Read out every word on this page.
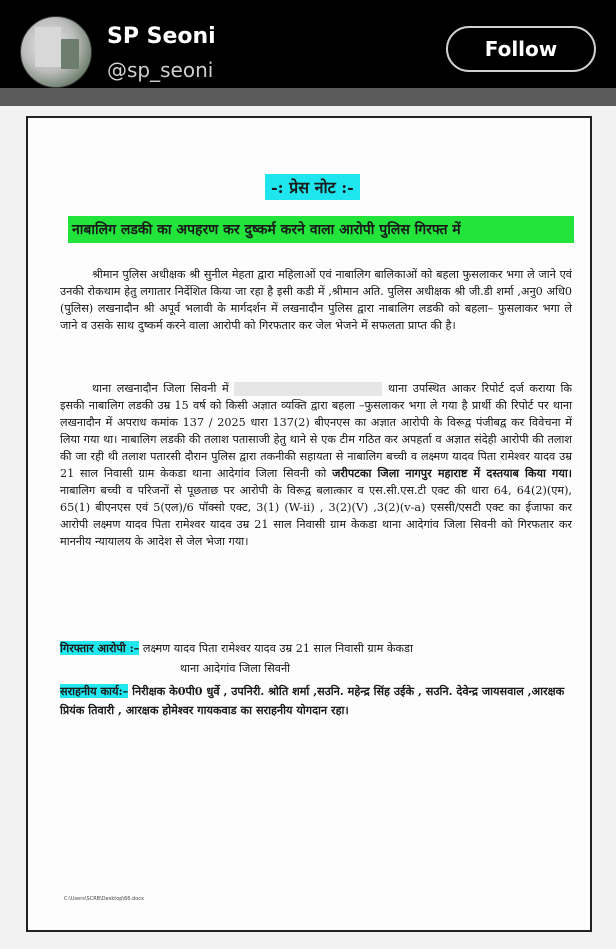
SP Seoni
@sp_seoni
Follow
-: प्रेस नोट :-
नाबालिग लडकी का अपहरण कर दुष्कर्म करने वाला आरोपी पुलिस गिरफ्त में
श्रीमान पुलिस अधीक्षक श्री सुनील मेहता द्वारा महिलाओं एवं नाबालिग बालिकाओं को बहला फुसलाकर भगा ले जाने एवं उनकी रोकथाम हेतु लगातार निर्देशित किया जा रहा है इसी कडी में ,श्रीमान अति. पुलिस अधीक्षक श्री जी.डी शर्मा ,अनु0 अधि0 (पुलिस) लखनादौन श्री अपूर्व भलावी के मार्गदर्शन में लखनादौन पुलिस द्वारा नाबालिग लडकी को बहला– फुसलाकर भगा ले जाने व उसके साथ दुष्कर्म करने वाला आरोपी को गिरफतार कर जेल भेजने में सफलता प्राप्त की है।
थाना लखनादौन जिला सिवनी में	थाना उपस्थित आकर रिपोर्ट दर्ज कराया कि इसकी नाबालिग लडकी उम्र 15 वर्ष को किसी अज्ञात व्यक्ति द्वारा बहला –फुसलाकर भगा ले गया है प्रार्थी की रिपोर्ट पर थाना लखनादौन में अपराध कमांक 137 / 2025 धारा 137(2) बीएनएस का अज्ञात आरोपी के विरूद्व पंजीबद्व कर विवेचना में लिया गया था। नाबालिग लडकी की तलाश पतासाजी हेतु थाने से एक टीम गठित कर अपहर्ता व अज्ञात संदेही आरोपी की तलाश की जा रही थी तलाश पतारसी दौरान पुलिस द्वारा तकनीकी सहायता से नाबालिग बच्ची व लक्ष्मण यादव पिता रामेश्वर यादव उम्र 21 साल निवासी ग्राम केकडा थाना आदेगांव जिला सिवनी को जरीपटका जिला नागपुर महाराष्ट में दस्तयाब किया गया। नाबालिग बच्ची व परिजनों से पूछताछ पर आरोपी के विरूद्व बलात्कार व एस.सी.एस.टी एक्ट की धारा 64, 64(2)(एम), 65(1) बीएनएस एवं 5(एल)/6 पॉक्सो एक्ट, 3(1) (W-ii) , 3(2)(V) ,3(2)(v-a) एससी/एसटी एक्ट का ईजाफा कर आरोपी लक्ष्मण यादव पिता रामेश्वर यादव उम्र 21 साल निवासी ग्राम केकडा थाना आदेगांव जिला सिवनी को गिरफतार कर माननीय न्यायालय के आदेश से जेल भेजा गया।
गिरफ्तार आरोपी :– लक्ष्मण यादव पिता रामेश्वर यादव उम्र 21 साल निवासी ग्राम केकडा
थाना आदेगांव जिला सिवनी
सराहनीय कार्य:– निरीक्षक के0पी0 धुर्वे , उपनिरी. श्रोति शर्मा ,सउनि. महेन्द्र सिंह उईके , सउनि. देवेन्द्र जायसवाल ,आरक्षक प्रियंक तिवारी , आरक्षक होमेश्वर गायकवाड का सराहनीय योगदान रहा।
C:\Users\SCRB\Desktop\66.docx
